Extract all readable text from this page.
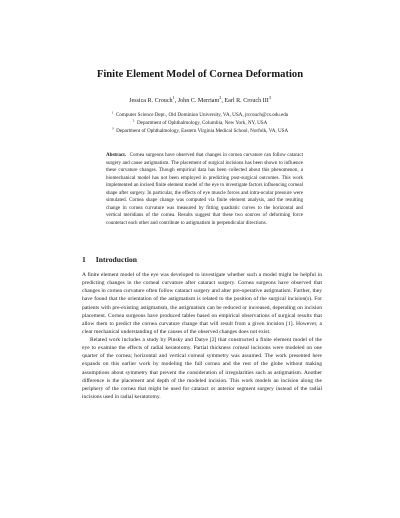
Finite Element Model of Cornea Deformation
Jessica R. Crouch$^1$, John C. Merriam$^2$, Earl R. Crouch III$^3$
$^1$ Computer Science Dept., Old Dominion University, VA, USA, jrcrouch@cs.odu.edu
$^2$ Department of Ophthalmology, Columbia, New York, NY, USA
$^3$ Department of Ophthalmology, Eastern Virginia Medical School, Norfolk, VA, USA
Abstract. Cornea surgeons have observed that changes in cornea curvature can follow cataract surgery and cause astigmatism. The placement of surgical incisions has been shown to influence these curvature changes. Though empirical data has been collected about this phenomenon, a biomechanical model has not been employed in predicting post-surgical outcomes. This work implemented an incised finite element model of the eye to investigate factors influencing corneal shape after surgery. In particular, the effects of eye muscle forces and intra-ocular pressure were simulated. Cornea shape change was computed via finite element analysis, and the resulting change in cornea curvature was measured by fitting quadratic curves to the horizontal and vertical meridians of the cornea. Results suggest that these two sources of deforming force counteract each other and contribute to astigmatism in perpendicular directions.
1 Introduction

A finite element model of the eye was developed to investigate whether such a model might be helpful in predicting changes in the corneal curvature after cataract surgery. Cornea surgeons have observed that changes in cornea curvature often follow cataract surgery and alter pre-operative astigmatism. Further, they have found that the orientation of the astigmatism is related to the position of the surgical incision(s). For patients with pre-existing astigmatism, the astigmatism can be reduced or increased, depending on incision placement. Cornea surgeons have produced tables based on empirical observations of surgical results that allow them to predict the cornea curvature change that will result from a given incision [1]. However, a clear mechanical understanding of the causes of the observed changes does not exist.

Related work includes a study by Pinsky and Datye [2] that constructed a finite element model of the eye to examine the effects of radial keratotomy. Partial thickness corneal incisions were modeled on one quarter of the cornea; horizontal and vertical corneal symmetry was assumed. The work presented here expands on this earlier work by modeling the full cornea and the rest of the globe without making assumptions about symmetry that prevent the consideration of irregularities such as astigmatism. Another difference is the placement and depth of the modeled incision. This work models an incision along the periphery of the cornea that might be used for cataract or anterior segment surgery instead of the radial incisions used in radial keratotomy.
